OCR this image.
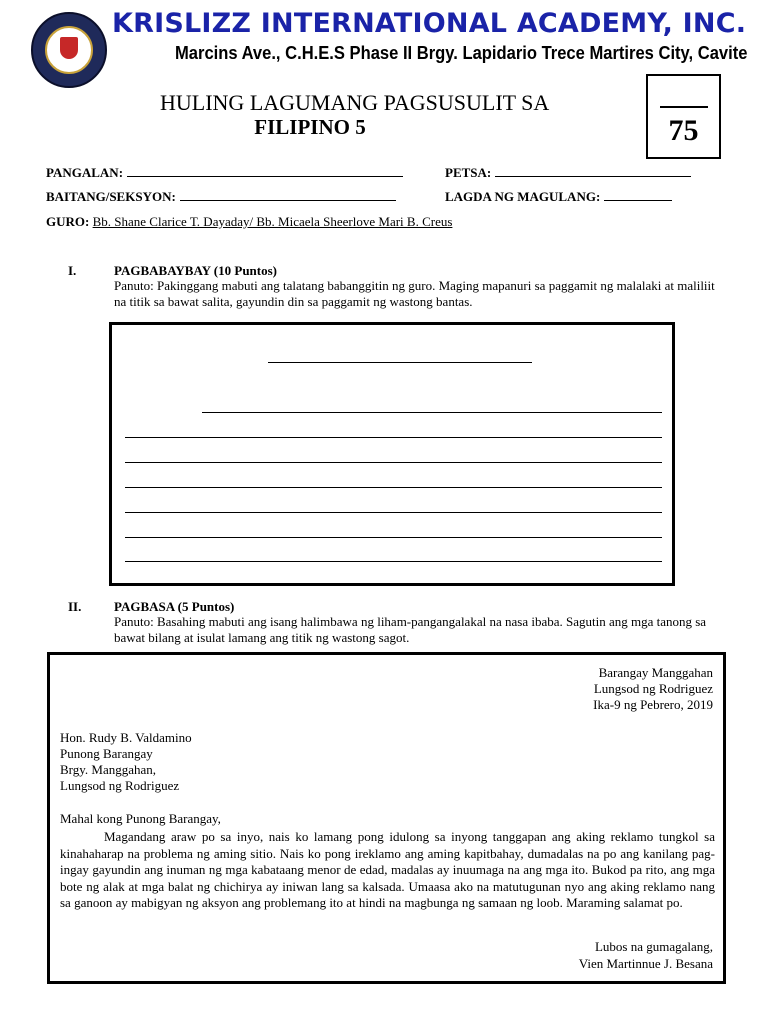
KRISLIZZ INTERNATIONAL ACADEMY, INC.
Marcins Ave., C.H.E.S Phase II Brgy. Lapidario Trece Martires City, Cavite
HULING LAGUMANG PAGSUSULIT SA
FILIPINO 5	75
PANGALAN:	PETSA:
BAITANG/SEKSYON:	LAGDA NG MAGULANG:
GURO: Bb. Shane Clarice T. Dayaday/ Bb. Micaela Sheerlove Mari B. Creus
I.	PAGBABAYBAY (10 Puntos)
Panuto: Pakinggang mabuti ang talatang babanggitin ng guro. Maging mapanuri sa paggamit ng malalaki at maliliit na titik sa bawat salita, gayundin din sa paggamit ng wastong bantas.
II.	PAGBASA (5 Puntos)
Panuto: Basahing mabuti ang isang halimbawa ng liham-pangangalakal na nasa ibaba. Sagutin ang mga tanong sa bawat bilang at isulat lamang ang titik ng wastong sagot.
Barangay Manggahan
Lungsod ng Rodriguez
Ika-9 ng Pebrero, 2019
Hon. Rudy B. Valdamino
Punong Barangay
Brgy. Manggahan,
Lungsod ng Rodriguez
Mahal kong Punong Barangay,
Magandang araw po sa inyo, nais ko lamang pong idulong sa inyong tanggapan ang aking reklamo tungkol sa kinahaharap na problema ng aming sitio. Nais ko pong ireklamo ang aming kapitbahay, dumadalas na po ang kanilang pag-ingay gayundin ang inuman ng mga kabataang menor de edad, madalas ay inuumaga na ang mga ito. Bukod pa rito, ang mga bote ng alak at mga balat ng chichirya ay iniwan lang sa kalsada. Umaasa ako na matutugunan nyo ang aking reklamo nang sa ganoon ay mabigyan ng aksyon ang problemang ito at hindi na magbunga ng samaan ng loob. Maraming salamat po.
Lubos na gumagalang,
Vien Martinnue J. Besana
